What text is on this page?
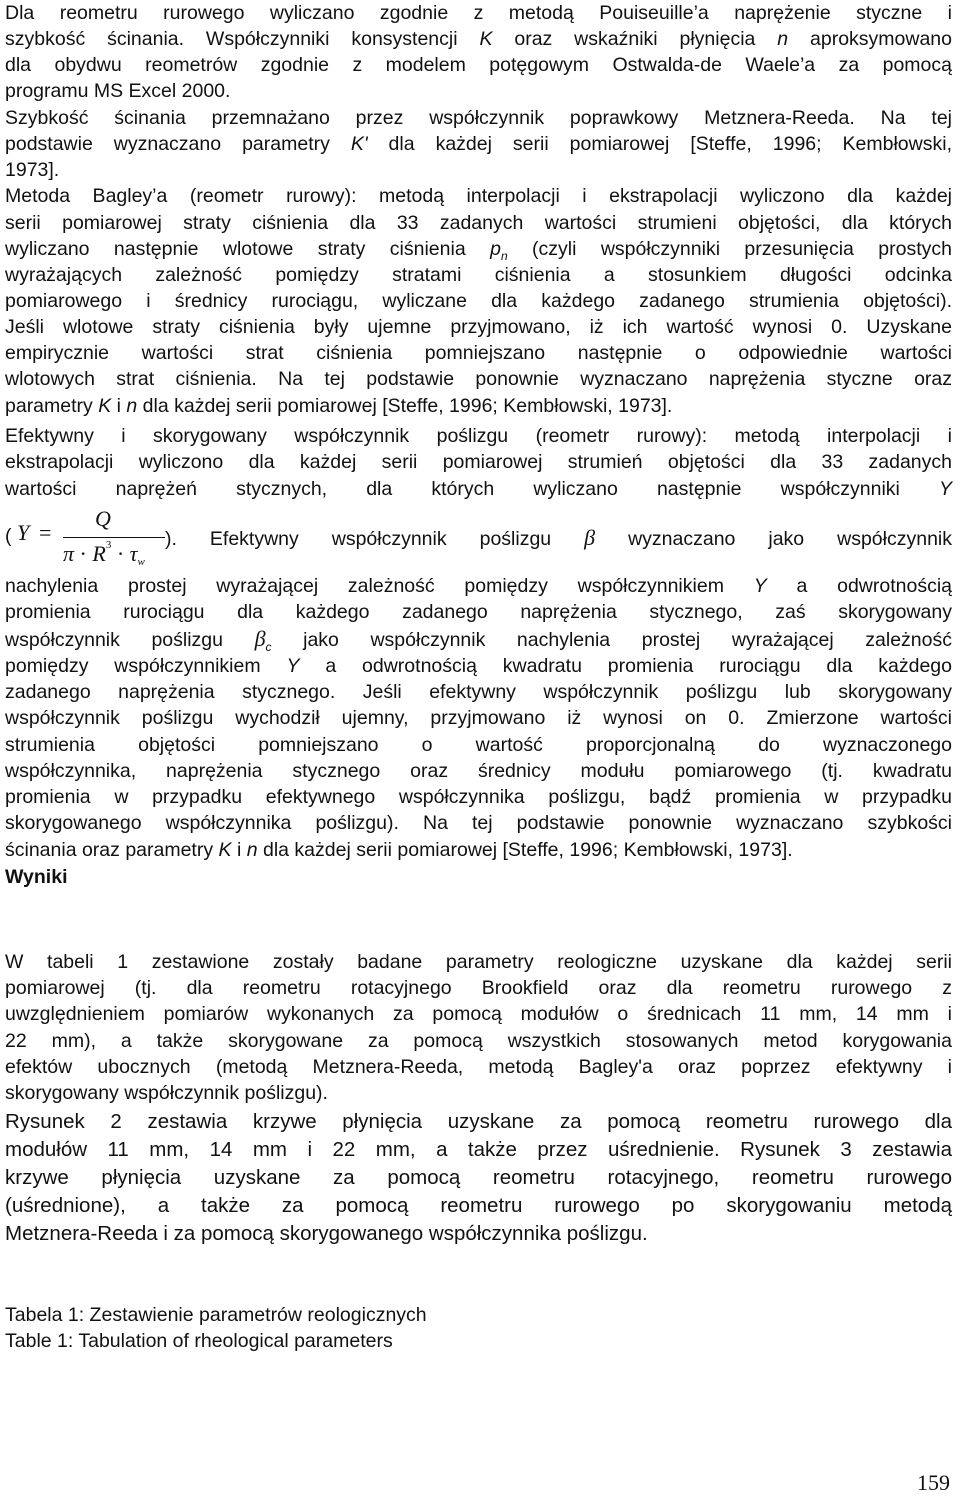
Dla reometru rurowego wyliczano zgodnie z metodą Pouiseuille’a naprężenie styczne i
szybkość ścinania. Współczynniki konsystencji K oraz wskaźniki płynięcia n aproksymowano
dla obydwu reometrów zgodnie z modelem potęgowym Ostwalda-de Waele’a za pomocą
programu MS Excel 2000.
Szybkość ścinania przemnażano przez współczynnik poprawkowy Metznera-Reeda. Na tej
podstawie wyznaczano parametry K' dla każdej serii pomiarowej [Steffe, 1996; Kembłowski,
1973].
Metoda Bagley’a (reometr rurowy): metodą interpolacji i ekstrapolacji wyliczono dla każdej
serii pomiarowej straty ciśnienia dla 33 zadanych wartości strumieni objętości, dla których
wyliczano następnie wlotowe straty ciśnienia $p_n$ (czyli współczynniki przesunięcia prostych
wyrażających zależność pomiędzy stratami ciśnienia a stosunkiem długości odcinka
pomiarowego i średnicy rurociągu, wyliczane dla każdego zadanego strumienia objętości).
Jeśli wlotowe straty ciśnienia były ujemne przyjmowano, iż ich wartość wynosi 0. Uzyskane
empirycznie wartości strat ciśnienia pomniejszano następnie o odpowiednie wartości
wlotowych strat ciśnienia. Na tej podstawie ponownie wyznaczano naprężenia styczne oraz
parametry K i n dla każdej serii pomiarowej [Steffe, 1996; Kembłowski, 1973].
Efektywny i skorygowany współczynnik poślizgu (reometr rurowy): metodą interpolacji i
ekstrapolacji wyliczono dla każdej serii pomiarowej strumień objętości dla 33 zadanych
wartości naprężeń stycznych, dla których wyliczano następnie współczynniki Y
( Y =
Q
$\pi \cdot R^3 \cdot \tau_w$
). Efektywny współczynnik poślizgu β wyznaczano jako współczynnik
nachylenia prostej wyrażającej zależność pomiędzy współczynnikiem Y a odwrotnością
promienia rurociągu dla każdego zadanego naprężenia stycznego, zaś skorygowany
współczynnik poślizgu $\beta_c$ jako współczynnik nachylenia prostej wyrażającej zależność
pomiędzy współczynnikiem Y a odwrotnością kwadratu promienia rurociągu dla każdego
zadanego naprężenia stycznego. Jeśli efektywny współczynnik poślizgu lub skorygowany
współczynnik poślizgu wychodził ujemny, przyjmowano iż wynosi on 0. Zmierzone wartości
strumienia objętości pomniejszano o wartość proporcjonalną do wyznaczonego
współczynnika, naprężenia stycznego oraz średnicy modułu pomiarowego (tj. kwadratu
promienia w przypadku efektywnego współczynnika poślizgu, bądź promienia w przypadku
skorygowanego współczynnika poślizgu). Na tej podstawie ponownie wyznaczano szybkości
ścinania oraz parametry K i n dla każdej serii pomiarowej [Steffe, 1996; Kembłowski, 1973].
Wyniki
W tabeli 1 zestawione zostały badane parametry reologiczne uzyskane dla każdej serii
pomiarowej (tj. dla reometru rotacyjnego Brookfield oraz dla reometru rurowego z
uwzględnieniem pomiarów wykonanych za pomocą modułów o średnicach 11 mm, 14 mm i
22 mm), a także skorygowane za pomocą wszystkich stosowanych metod korygowania
efektów ubocznych (metodą Metznera-Reeda, metodą Bagley'a oraz poprzez efektywny i
skorygowany współczynnik poślizgu).
Rysunek 2 zestawia krzywe płynięcia uzyskane za pomocą reometru rurowego dla
modułów 11 mm, 14 mm i 22 mm, a także przez uśrednienie. Rysunek 3 zestawia
krzywe płynięcia uzyskane za pomocą reometru rotacyjnego, reometru rurowego
(uśrednione), a także za pomocą reometru rurowego po skorygowaniu metodą
Metznera-Reeda i za pomocą skorygowanego współczynnika poślizgu.
Tabela 1: Zestawienie parametrów reologicznych
Table 1: Tabulation of rheological parameters
159
